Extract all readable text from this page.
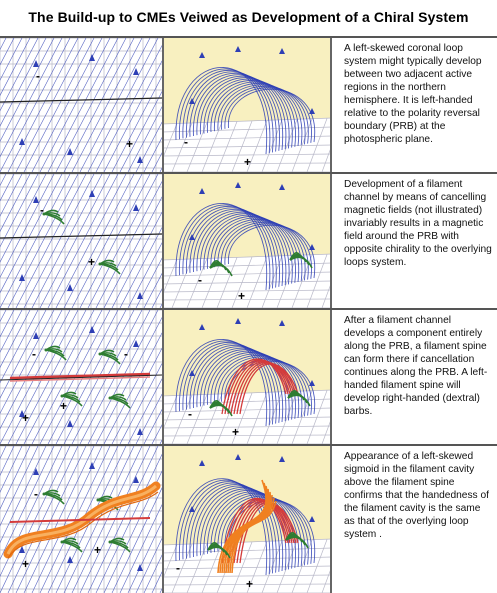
The Build-up to CMEs Veiwed as Development of a Chiral System
-
+	-
+
A left-skewed coronal loop system might typically develop between two adjacent active regions in the northern hemisphere. It is left-handed relative to the polarity reversal boundary (PRB) at the photospheric plane.
-
+
-
+
Development of a filament channel by means of cancelling magnetic fields (not illustrated) invariably results in a magnetic field around the PRB with opposite chirality to the overlying loops system.
-
+
+
-
-
+
After a filament channel develops a component entirely along the PRB, a filament spine can form there if cancellation continues along the PRB. A left-handed filament spine will develop right-handed (dextral) barbs.
-
+
+	-
+
Appearance of a left-skewed sigmoid in the filament cavity above the filament spine confirms that the handedness of the filament cavity is the same as that of the overlying loop system .
